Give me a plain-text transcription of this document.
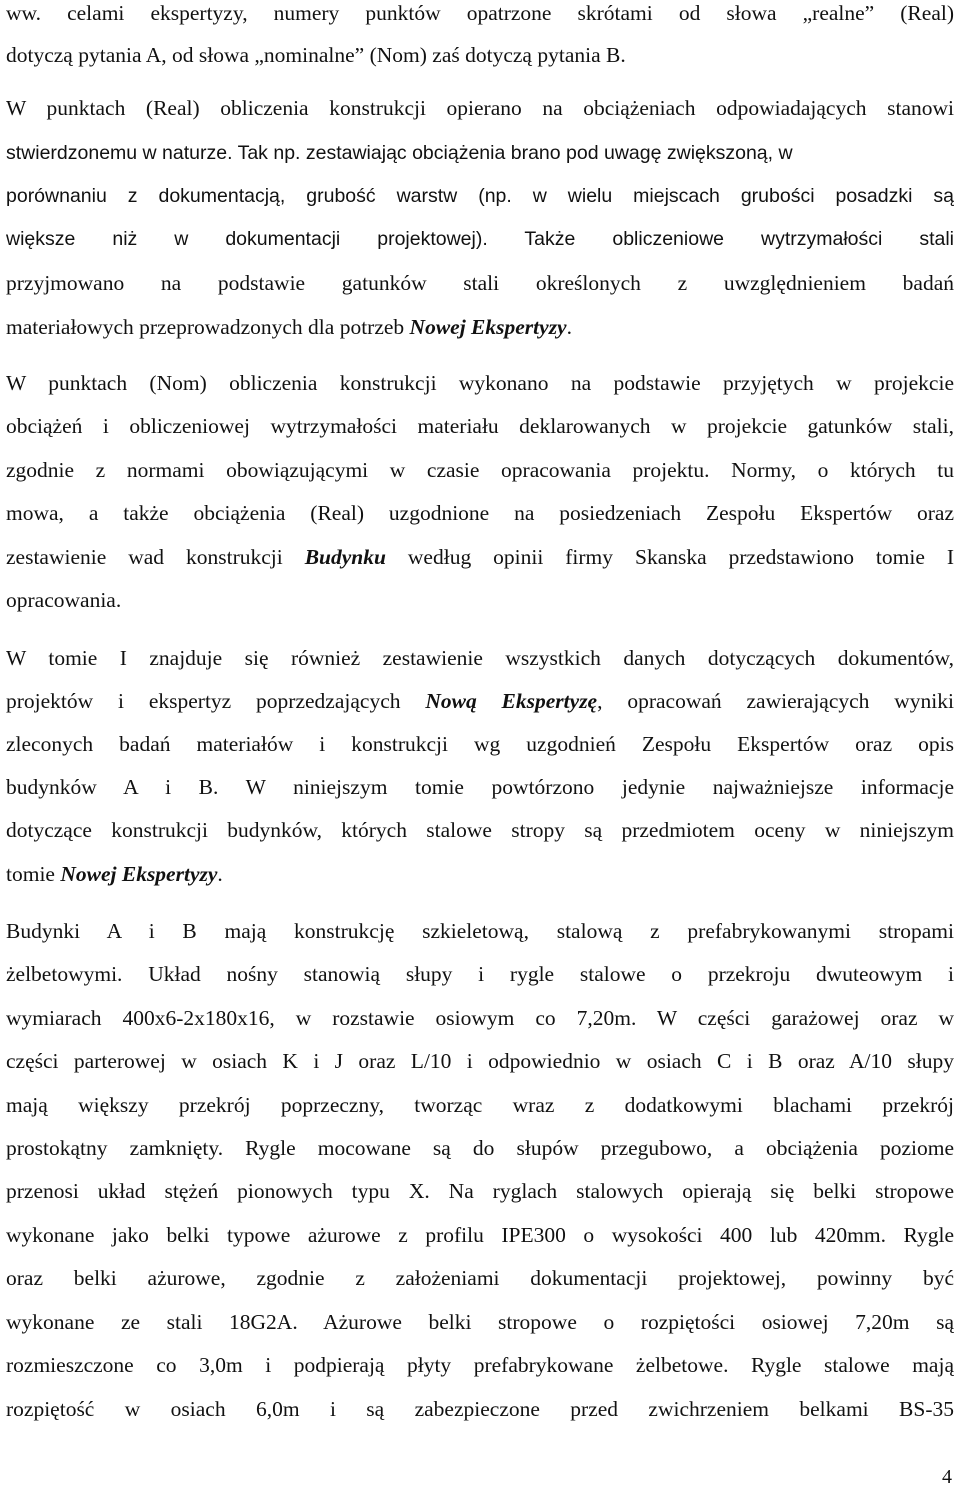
ww. celami ekspertyzy, numery punktów opatrzone skrótami od słowa „realne” (Real)
dotyczą pytania A, od słowa „nominalne” (Nom) zaś dotyczą pytania B.
W punktach (Real) obliczenia konstrukcji opierano na obciążeniach odpowiadających stanowi
stwierdzonemu w naturze. Tak np. zestawiając obciążenia brano pod uwagę zwiększoną, w
porównaniu z dokumentacją, grubość warstw (np. w wielu miejscach grubości posadzki są
większe niż w dokumentacji projektowej). Także obliczeniowe wytrzymałości stali
przyjmowano na podstawie gatunków stali określonych z uwzględnieniem badań
materiałowych przeprowadzonych dla potrzeb Nowej Ekspertyzy.
W punktach (Nom) obliczenia konstrukcji wykonano na podstawie przyjętych w projekcie
obciążeń i obliczeniowej wytrzymałości materiału deklarowanych w projekcie gatunków stali,
zgodnie z normami obowiązującymi w czasie opracowania projektu. Normy, o których tu
mowa, a także obciążenia (Real) uzgodnione na posiedzeniach Zespołu Ekspertów oraz
zestawienie wad konstrukcji Budynku według opinii firmy Skanska przedstawiono tomie I
opracowania.
W tomie I znajduje się również zestawienie wszystkich danych dotyczących dokumentów,
projektów i ekspertyz poprzedzających Nową Ekspertyzę, opracowań zawierających wyniki
zleconych badań materiałów i konstrukcji wg uzgodnień Zespołu Ekspertów oraz opis
budynków A i B. W niniejszym tomie powtórzono jedynie najważniejsze informacje
dotyczące konstrukcji budynków, których stalowe stropy są przedmiotem oceny w niniejszym
tomie Nowej Ekspertyzy.
Budynki A i B mają konstrukcję szkieletową, stalową z prefabrykowanymi stropami
żelbetowymi. Układ nośny stanowią słupy i rygle stalowe o przekroju dwuteowym i
wymiarach 400x6-2x180x16, w rozstawie osiowym co 7,20m. W części garażowej oraz w
części parterowej w osiach K i J oraz L/10 i odpowiednio w osiach C i B oraz A/10 słupy
mają większy przekrój poprzeczny, tworząc wraz z dodatkowymi blachami przekrój
prostokątny zamknięty. Rygle mocowane są do słupów przegubowo, a obciążenia poziome
przenosi układ stężeń pionowych typu X. Na ryglach stalowych opierają się belki stropowe
wykonane jako belki typowe ażurowe z profilu IPE300 o wysokości 400 lub 420mm. Rygle
oraz belki ażurowe, zgodnie z założeniami dokumentacji projektowej, powinny być
wykonane ze stali 18G2A. Ażurowe belki stropowe o rozpiętości osiowej 7,20m są
rozmieszczone co 3,0m i podpierają płyty prefabrykowane żelbetowe. Rygle stalowe mają
rozpiętość w osiach 6,0m i są zabezpieczone przed zwichrzeniem belkami BS-35
4
